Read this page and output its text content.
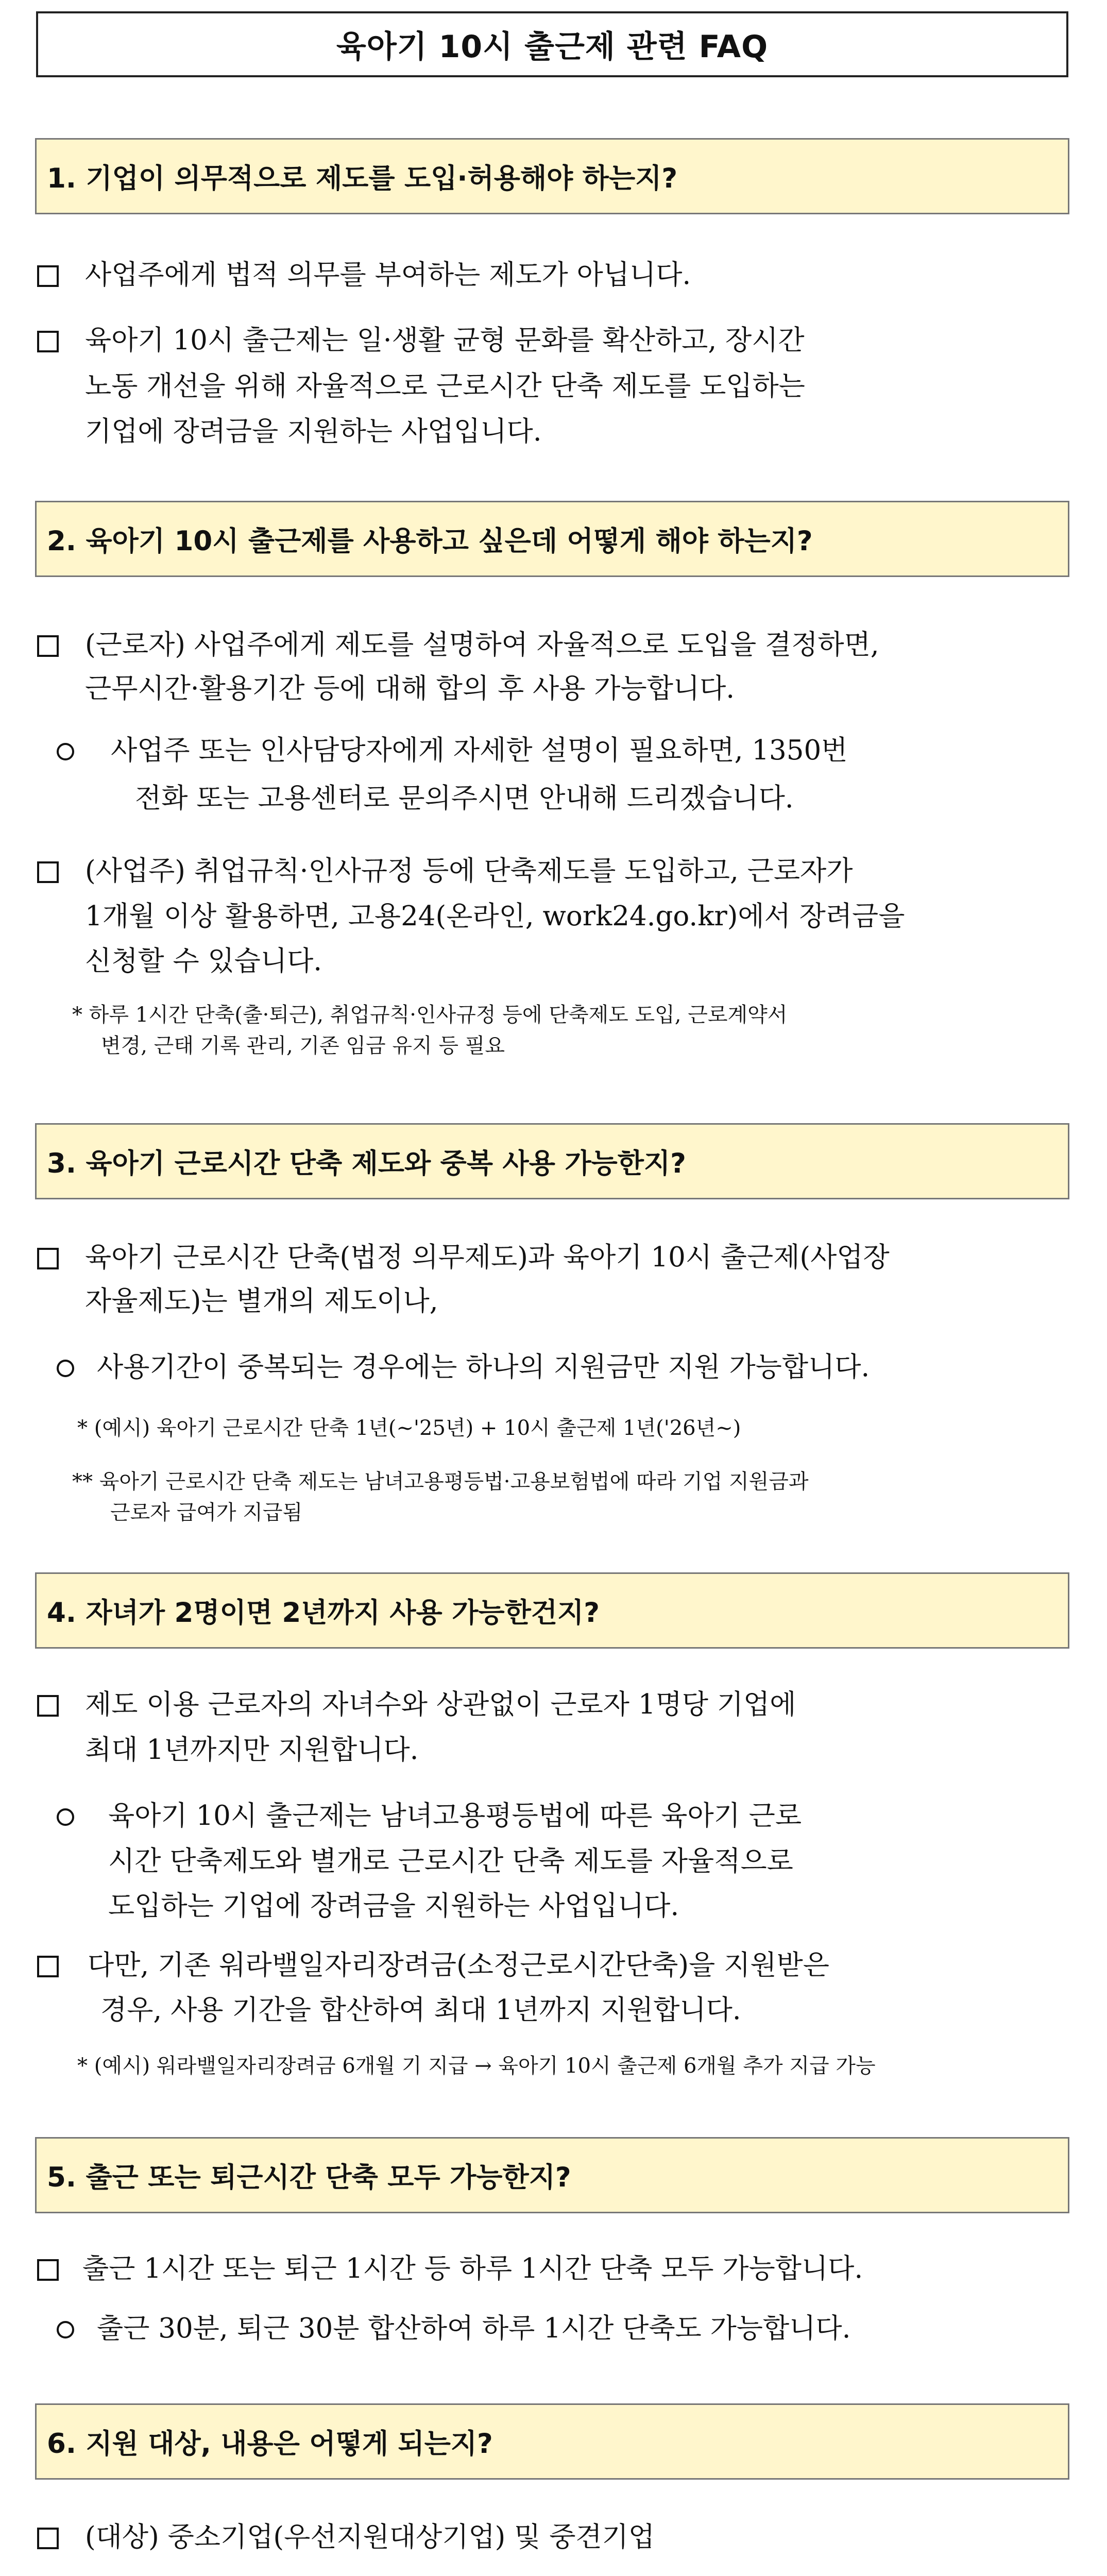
육아기 10시 출근제 관련 FAQ
1. 기업이 의무적으로 제도를 도입·허용해야 하는지?
사업주에게 법적 의무를 부여하는 제도가 아닙니다.
육아기 10시 출근제는 일·생활 균형 문화를 확산하고, 장시간
노동 개선을 위해 자율적으로 근로시간 단축 제도를 도입하는
기업에 장려금을 지원하는 사업입니다.
2. 육아기 10시 출근제를 사용하고 싶은데 어떻게 해야 하는지?
(근로자) 사업주에게 제도를 설명하여 자율적으로 도입을 결정하면,
근무시간·활용기간 등에 대해 합의 후 사용 가능합니다.
사업주 또는 인사담당자에게 자세한 설명이 필요하면, 1350번
전화 또는 고용센터로 문의주시면 안내해 드리겠습니다.
(사업주) 취업규칙·인사규정 등에 단축제도를 도입하고, 근로자가
1개월 이상 활용하면, 고용24(온라인, work24.go.kr)에서 장려금을
신청할 수 있습니다.
* 하루 1시간 단축(출·퇴근), 취업규칙·인사규정 등에 단축제도 도입, 근로계약서
변경, 근태 기록 관리, 기존 임금 유지 등 필요
3. 육아기 근로시간 단축 제도와 중복 사용 가능한지?
육아기 근로시간 단축(법정 의무제도)과 육아기 10시 출근제(사업장
자율제도)는 별개의 제도이나,
사용기간이 중복되는 경우에는 하나의 지원금만 지원 가능합니다.
* (예시) 육아기 근로시간 단축 1년(~'25년) + 10시 출근제 1년('26년~)
** 육아기 근로시간 단축 제도는 남녀고용평등법·고용보험법에 따라 기업 지원금과
근로자 급여가 지급됨
4. 자녀가 2명이면 2년까지 사용 가능한건지?
제도 이용 근로자의 자녀수와 상관없이 근로자 1명당 기업에
최대 1년까지만 지원합니다.
육아기 10시 출근제는 남녀고용평등법에 따른 육아기 근로
시간 단축제도와 별개로 근로시간 단축 제도를 자율적으로
도입하는 기업에 장려금을 지원하는 사업입니다.
다만, 기존 워라밸일자리장려금(소정근로시간단축)을 지원받은
경우, 사용 기간을 합산하여 최대 1년까지 지원합니다.
* (예시) 워라밸일자리장려금 6개월 기 지급 → 육아기 10시 출근제 6개월 추가 지급 가능
5. 출근 또는 퇴근시간 단축 모두 가능한지?
출근 1시간 또는 퇴근 1시간 등 하루 1시간 단축 모두 가능합니다.
출근 30분, 퇴근 30분 합산하여 하루 1시간 단축도 가능합니다.
6. 지원 대상, 내용은 어떻게 되는지?
(대상) 중소기업(우선지원대상기업) 및 중견기업
